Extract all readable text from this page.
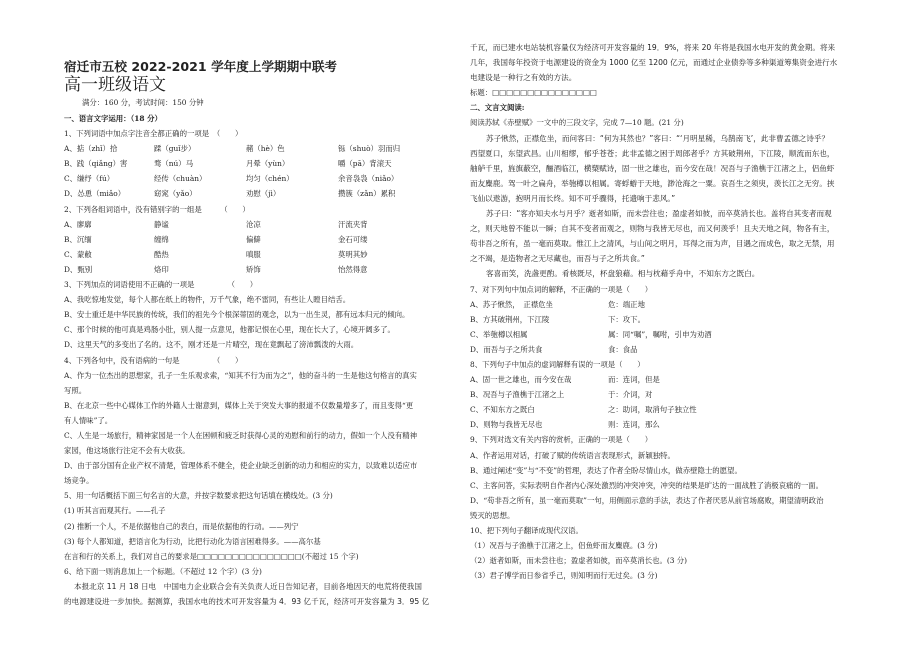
宿迁市五校 2022-2021 学年度上学期期中联考
高一班级语文
满分：160 分，考试时间：150 分钟
一、语言文字运用：（18 分）
1、下列词语中加点字注音全都正确的一项是　（　　）
A、掂（zhǐ）拾	蹂（guǐ步）	赭（hè）色	铄（shuò）羽而归
B、践（qiǎng）害	骛（nú）马	月晕（yùn）	嚼（pā）背滚天
C、缣纾（fú）	经传（chuàn）	均匀（chén）	余音袅袅（niǎo）
D、怂恿（miǎo）	窈窕（yǎo）	劝慰（jì）	攒簇（zǎn）累积
2、下列各组词语中，没有错别字的一组是　　　（　　）
A、廖廓	静谧	沧凉	汗流夹背
B、沉缅	缠绵	偏僻	金石可缕
C、蒙敝	酷热	嗔服	莫明其妙
D、甄别	烙印	矫饰	怡然得意
3、下列加点的词语使用不正确的一项是　　　　　（　　）
A、我吃惊地发觉，每个人都在纸上的物件，万千气象，绝不雷同，有些让人瞠目结舌。
B、安士重迁是中华民族的传统，我们的祖先今个根深蒂固的观念，以为一出生灵，都有远本归元的倾向。
C、那个时候的他可真是鸡肠小肚，别人提一点意见，他都记恨在心里，现在长大了，心境开阔多了。
D、这里天气的多变出了名的。这不，刚才还是一片晴空，现在竟飘起了滂沛瓢泼的大雨。
4、下列各句中，没有语病的一句是　　　　　（　　）
A、作为一位杰出的思想家，孔子一生乐观求索，“知其不行为而为之”，他的奋斗的一生是他这句格言的真实
写照。
B、在北京一些中心媒体工作的外籍人士谢意到，媒体上关于突发大事的报道不仅数量增多了，而且变得“更
有人情味”了。
C、人生是一场旅行，精神家园是一个人在困顿和疲乏时获得心灵的劝慰和前行的动力，假如一个人没有精神
家园，他这场旅行注定不会有大收获。
D、由于部分国有企业产权不清楚，管理体系不健全，使企业缺乏创新的动力和相应的实力，以致难以适应市
场竞争。
5、用一句话概括下面三句名言的大意，并按字数要求把这句话填在横线处。(3 分)
(1) 听其言而观其行。——孔子
(2) 推断一个人，不是依据他自己的表白，而是依据他的行动。——列宁
(3) 每个人都知道，把语言化为行动，比把行动化为语言困难得多。——高尔基
在言和行的关系上，我们对自己的要求是□□□□□□□□□□□□□□□(不超过 15 个字)
6、给下面一则消息加上一个标题。（不超过 12 个字）(3 分)
本报北京 11 月 18 日电　中国电力企业联合会有关负责人近日告知记者，目前各地因天的电荒将使我国
的电源建设进一步加快。据测算，我国水电的技术可开发容量为 4．93 亿千瓦，经济可开发容量为 3．95 亿
千瓦，而已建水电站装机容量仅为经济可开发容量的 19．9%，将来 20 年将是我国水电开发的黄金期。将来
几年，我国每年投资于电源建设的资金为 1000 亿至 1200 亿元，而通过企业债券等多种渠道筹集资金进行水
电建设是一种行之有效的方法。
标题：□□□□□□□□□□□□□□□
二、文言文阅读:
阅读苏轼《赤壁赋》一文中的三段文字，完成 7—10 题。(21 分)
苏子愀然，正襟危坐，而问客曰：“何为其然也？”客曰：“‘月明星稀，乌鹊南飞’，此非曹孟德之诗乎？
西望夏口，东望武昌。山川相缪，郁乎苍苍；此非孟德之困于周郎者乎？方其破荆州，下江陵，顺流而东也，
舳舻千里，旌旗蔽空，酾酒临江，横槊赋诗，固一世之雄也，而今安在哉！况吾与子渔樵于江渚之上，侣鱼虾
而友麋鹿。驾一叶之扁舟，举匏樽以相属。寄蜉蝣于天地，渺沧海之一粟。哀吾生之须臾，羡长江之无穷。挟
飞仙以遨游，抱明月而长终。知不可乎骤得，托遗响于悲风。”
苏子曰：“客亦知夫水与月乎？逝者如斯，而未尝往也；盈虚者如彼，而卒莫消长也。盖将自其变者而观
之，则天地曾不能以一瞬；自其不变者而观之，则物与我皆无尽也，而又何羡乎！且夫天地之间，物各有主，
苟非吾之所有，虽一毫而莫取。惟江上之清风，与山间之明月，耳得之而为声，目遇之而成色，取之无禁，用
之不竭，是造物者之无尽藏也，而吾与子之所共食。”
客喜而笑，洗盏更酌。肴核既尽，杯盘狼藉。相与枕藉乎舟中，不知东方之既白。
7、对下列句中加点词的解释，不正确的一项是（　　）
A、苏子愀然，　正襟危坐	危：端正地
B、方其破荆州，下江陵	下：攻下。
C、举匏樽以相属	属：同“嘱”，嘱咐，引申为劝酒
D、而吾与子之所共食	食：食品
8、下列句子中加点的虚词解释有误的一项是（　　）
A、固一世之雄也，而今安在哉	而：连词，但是
B、况吾与子渔樵于江渚之上	于：介词，对
C、不知东方之既白	之：助词，取消句子独立性
D、则物与我皆无尽也	则：连词，那么
9、下列对选文有关内容的赏析，正确的一项是（　　）
A、作者运用对话，打破了赋的传统语言表现形式，新颖独特。
B、通过阐述“变”与“不变”的哲理，表达了作者全盼尽情山水，做赤壁隐士的愿望。
C、主客问答，实际表明自作者内心深处激烈的冲突冲突，冲突的结果是旷达的一面战胜了消极哀痛的一面。
D、“苟非吾之所有，虽一毫而莫取”一句，用侧面示意的手法，表达了作者厌恶从前官场腐败，期望清明政治
毁灭的思想。
10、把下列句子翻译成现代汉语。
（1）况吾与子渔樵于江渚之上，侣鱼虾而友麋鹿。(3 分)
（2）逝者如斯，而未尝往也；盈虚者如彼，而卒莫消长也。(3 分)
（3）君子博学而日参省乎己，则知明而行无过矣。(3 分)
